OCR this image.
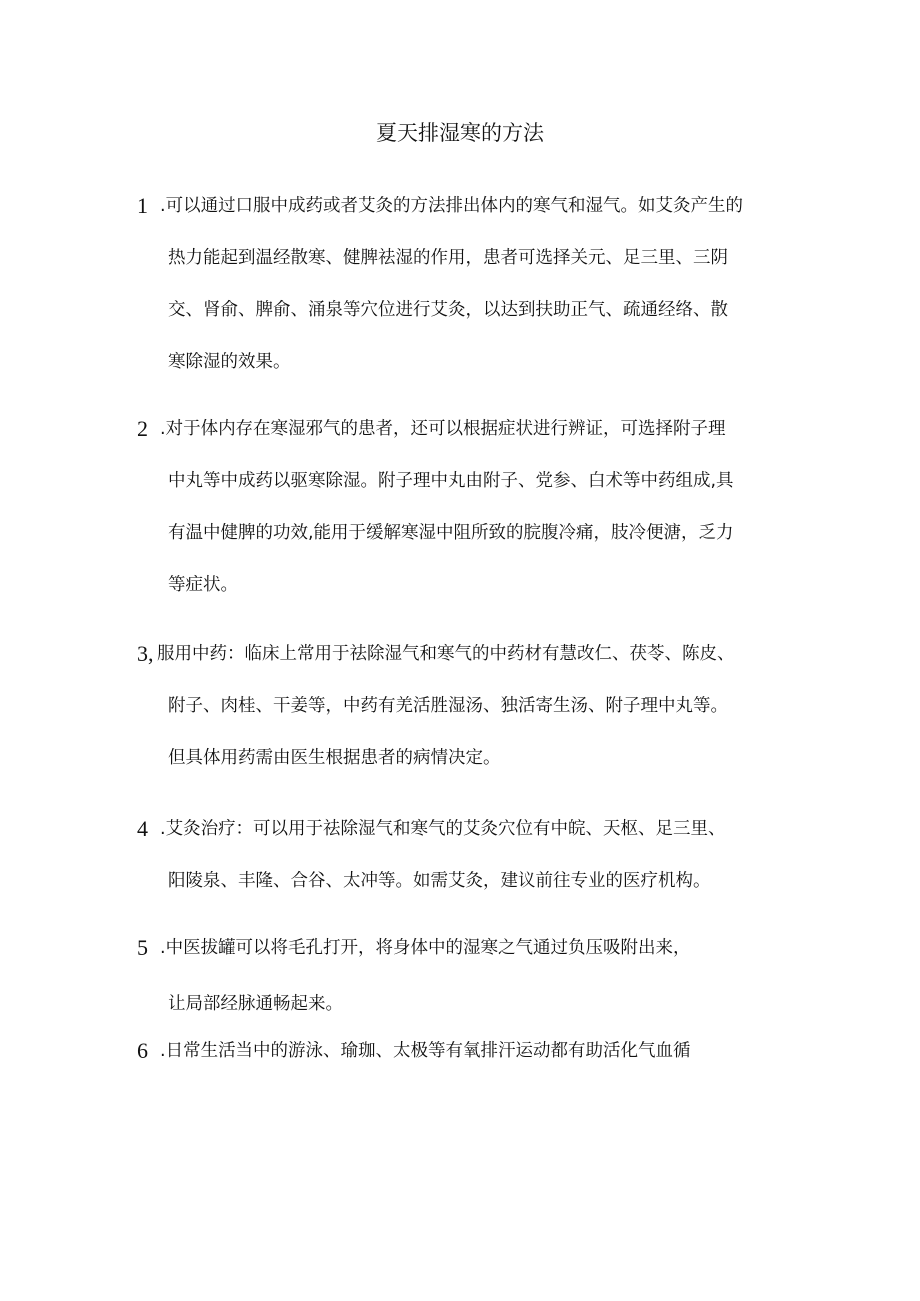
夏天排湿寒的方法
1 .可以通过口服中成药或者艾灸的方法排出体内的寒气和湿气。如艾灸产生的
热力能起到温经散寒、健脾祛湿的作用，患者可选择关元、足三里、三阴
交、肾俞、脾俞、涌泉等穴位进行艾灸，以达到扶助正气、疏通经络、散
寒除湿的效果。
2 .对于体内存在寒湿邪气的患者，还可以根据症状进行辨证，可选择附子理
中丸等中成药以驱寒除湿。附子理中丸由附子、党参、白术等中药组成,具
有温中健脾的功效,能用于缓解寒湿中阻所致的脘腹冷痛，肢冷便溏，乏力
等症状。
3, 服用中药：临床上常用于祛除湿气和寒气的中药材有慧改仁、茯苓、陈皮、
附子、肉桂、干姜等，中药有羌活胜湿汤、独活寄生汤、附子理中丸等。
但具体用药需由医生根据患者的病情决定。
4 .艾灸治疗：可以用于祛除湿气和寒气的艾灸穴位有中皖、天枢、足三里、
阳陵泉、丰隆、合谷、太冲等。如需艾灸，建议前往专业的医疗机构。
5 .中医拔罐可以将毛孔打开，将身体中的湿寒之气通过负压吸附出来，
让局部经脉通畅起来。
6 .日常生活当中的游泳、瑜珈、太极等有氧排汗运动都有助活化气血循
